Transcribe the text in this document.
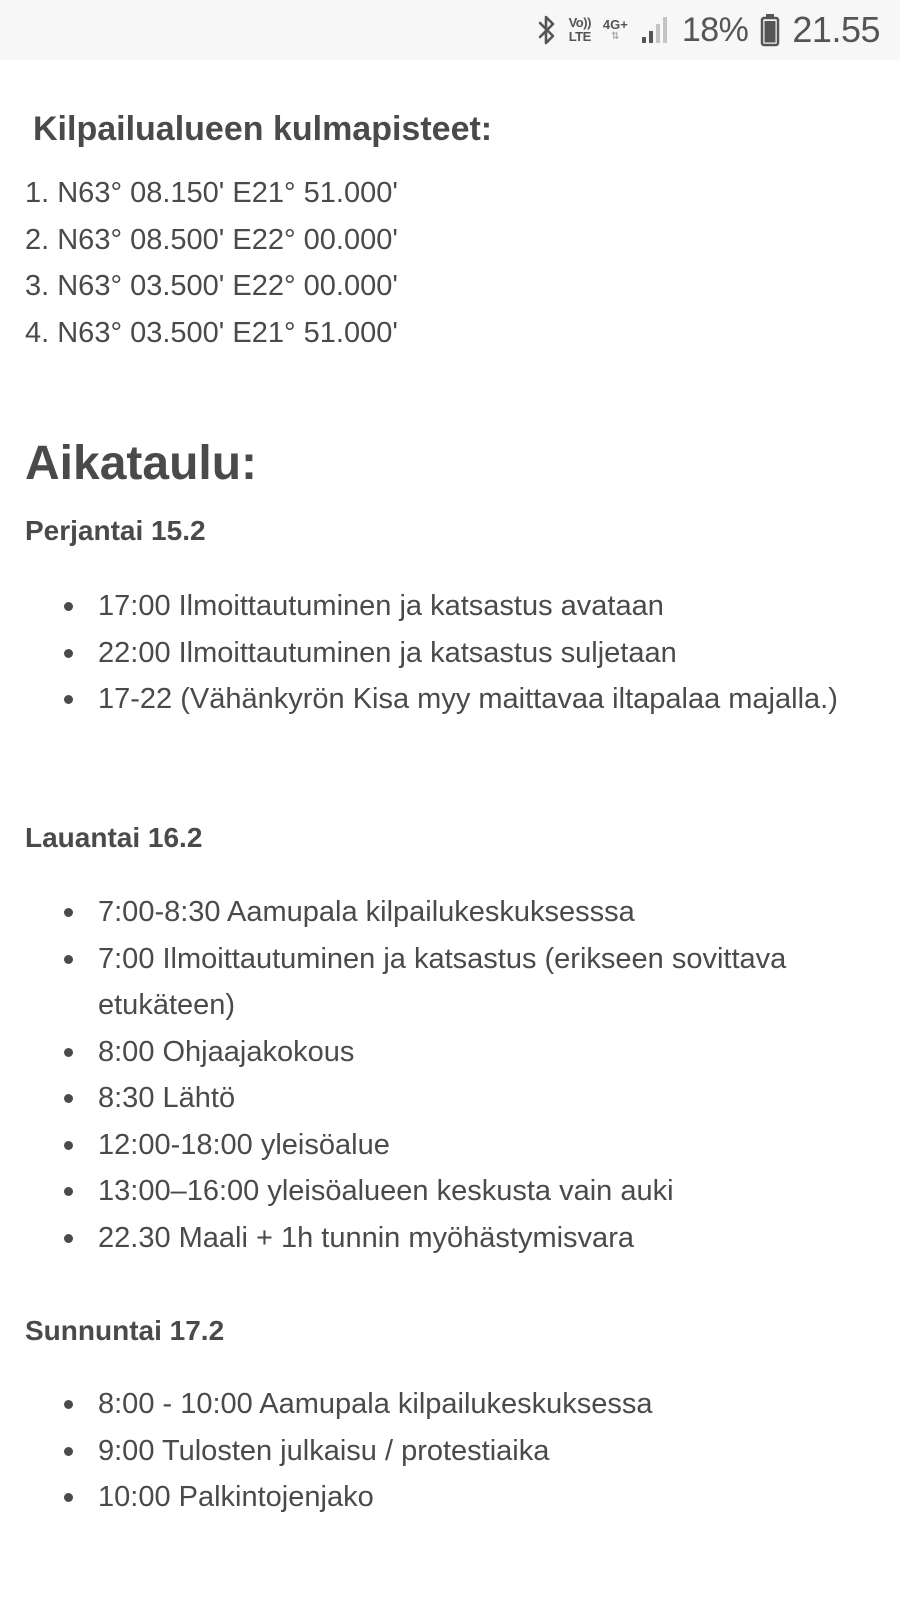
Vo))
LTE
4G+
⇅ 18% 21.55
Kilpailualueen kulmapisteet:
1. N63° 08.150' E21° 51.000'
2. N63° 08.500' E22° 00.000'
3. N63° 03.500' E22° 00.000'
4. N63° 03.500' E21° 51.000'
Aikataulu:
Perjantai 15.2
17:00 Ilmoittautuminen ja katsastus avataan
22:00 Ilmoittautuminen ja katsastus suljetaan
17-22 (Vähänkyrön Kisa myy maittavaa iltapalaa majalla.)
Lauantai 16.2
7:00-8:30 Aamupala kilpailukeskuksesssa
7:00 Ilmoittautuminen ja katsastus (erikseen sovittava etukäteen)
8:00 Ohjaajakokous
8:30 Lähtö
12:00-18:00 yleisöalue
13:00–16:00 yleisöalueen keskusta vain auki
22.30 Maali + 1h tunnin myöhästymisvara
Sunnuntai 17.2
8:00 - 10:00 Aamupala kilpailukeskuksessa
9:00 Tulosten julkaisu / protestiaika
10:00 Palkintojenjako
